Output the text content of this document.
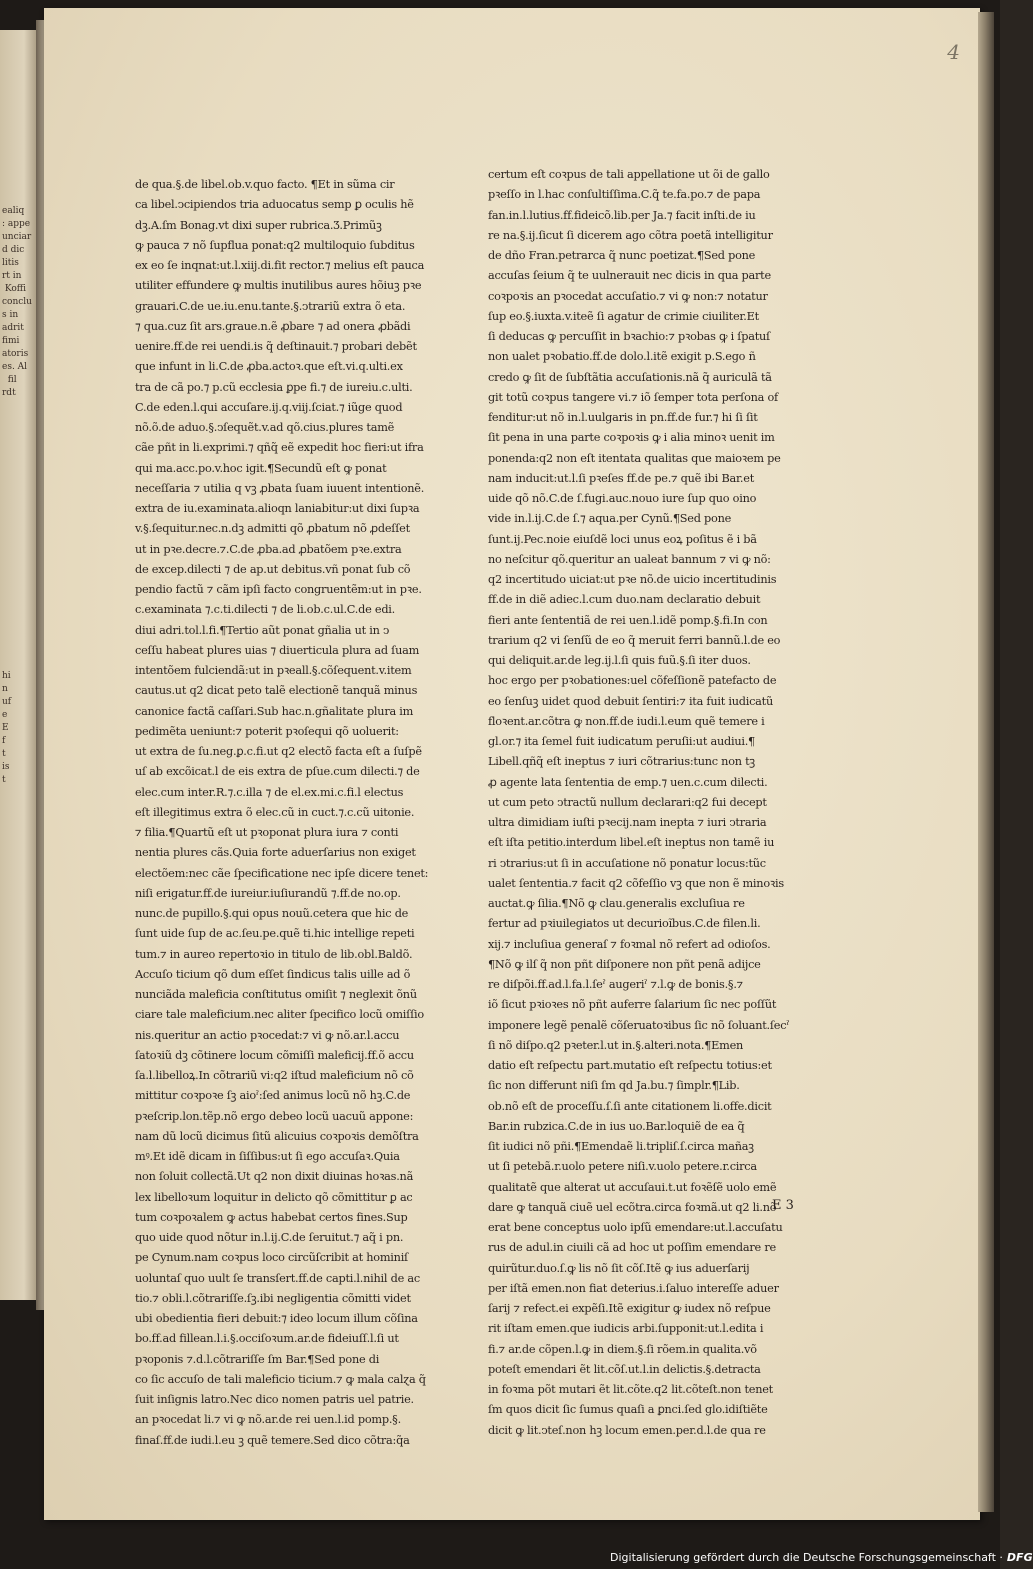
ealiq
: appe
unciar
d dic
litis
rt in
Koffi
conclu
s in
adrit
fimi
atoris
es. Al
fil
rdt
hi
n
uf
e
E
f
t
is
t
4
de qua.§.de libel.ob.v.quo facto. ¶Et in sũma cir
ca libel.ↄcipiendos tria aduocatus semp ꝑ oculis hẽ
dꝫ.A.ſm Bonag.vt dixi super rubrica.Ʒ.Primũꝫ
ꝙ pauca ⁊ nõ ſupflua ponat:q2 multiloquio ſubditus
ex eo ſe inqnat:ut.l.xiij.di.fit rector.⁊ melius eſt pauca
utiliter effundere ꝙ multis inutilibus aures hõiuꝫ pꝛe
grauari.C.de ue.iu.enu.tante.§.ↄtrariũ extra õ eta.
⁊ qua.cuz ſit ars.graue.n.ẽ ꝓbare ⁊ ad onera ꝓbãdi
uenire.ff.de rei uendi.is q̃ deſtinauit.⁊ probari debẽt
que infunt in li.C.de ꝓba.actoꝛ.que eſt.vi.q.ulti.ex
tra de cã po.⁊ p.cũ ecclesia ꝑpe fi.⁊ de iureiu.c.ulti.
C.de eden.l.qui accuſare.ij.q.viij.ſciat.⁊ iũge quod
nõ.õ.de aduo.§.ↄſequẽt.v.ad qõ.cius.plures tamẽ
cãe pñt in li.exprimi.⁊ qñq̃ eẽ expedit hoc fieri:ut ifra
qui ma.acc.po.v.hoc igit.¶Secundũ eſt ꝙ ponat
neceſſaria ⁊ utilia q vꝫ ꝓbata ſuam iuuent intentionẽ.
extra de iu.examinata.alioqn laniabitur:ut dixi ſupꝛa
v.§.ſequitur.nec.n.dꝫ admitti qõ ꝓbatum nõ ꝓdeſſet
ut in pꝛe.decre.⁊.C.de ꝓba.ad ꝓbatõem pꝛe.extra
de excep.dilecti ⁊ de ap.ut debitus.vñ ponat ſub cõ
pendio factũ ⁊ cãm ipſi facto congruentẽm:ut in pꝛe.
c.examinata ⁊.c.ti.dilecti ⁊ de li.ob.c.ul.C.de edi.
diui adri.tol.l.fi.¶Tertio aũt ponat gñalia ut in ↄ
ceſſu habeat plures uias ⁊ diuerticula plura ad ſuam
intentõem fulciendã:ut in pꝛeall.§.cõſequent.v.item
cautus.ut q2 dicat peto talẽ electionẽ tanquã minus
canonice factã caſſari.Sub hac.n.gñalitate plura im
pedimẽta ueniunt:⁊ poterit pꝛoſequi qõ uoluerit:
ut extra de ſu.neg.ꝑ.c.fi.ut q2 electõ facta eſt a ſuſpẽ
uſ ab excõicat.l de eis extra de pſue.cum dilecti.⁊ de
elec.cum inter.R.⁊.c.illa ⁊ de el.ex.mi.c.fi.l electus
eſt illegitimus extra õ elec.cũ in cuct.⁊.c.cũ uitonie.
⁊ filia.¶Quartũ eſt ut pꝛoponat plura iura ⁊ conti
nentia plures cãs.Quia forte aduerſarius non exiget
electõem:nec cãe ſpecificatione nec ipſe dicere tenet:
niſi erigatur.ff.de iureiur.iuſiurandũ ⁊.ff.de no.op.
nunc.de pupillo.§.qui opus nouũ.cetera que hic de
ſunt uide ſup de ac.ſeu.pe.quẽ ti.hic intellige repeti
tum.⁊ in aureo repertoꝛio in titulo de lib.obl.Baldõ.
Accuſo ticium qõ dum eſſet ſindicus talis uille ad õ
nunciãda maleficia conſtitutus omiſit ⁊ neglexit õnũ
ciare tale maleficium.nec aliter ſpecifico locũ omiſſio
nis.queritur an actio pꝛocedat:⁊ vi ꝙ nõ.ar.l.accu
ſatoꝛiũ dꝫ cõtinere locum cõmiſſi maleficij.ff.õ accu
ſa.l.libelloꝝ.In cõtrariũ vi:q2 iſtud maleficium nõ cõ
mittitur coꝛpoꝛe ſꝫ aioˀ:ſed animus locũ nõ hꝫ.C.de
pꝛeſcrip.lon.tẽp.nõ ergo debeo locũ uacuũ appone:
nam dũ locũ dicimus ſitũ alicuius coꝛpoꝛis demõſtra
mꝰ.Et idẽ dicam in ſiſſibus:ut ſi ego accuſaꝛ.Quia
non ſoluit collectã.Ut q2 non dixit diuinas hoꝛas.nã
lex libelloꝛum loquitur in delicto qõ cõmittitur ꝑ ac
tum coꝛpoꝛalem ꝙ actus habebat certos fines.Sup
quo uide quod nõtur in.l.ij.C.de ſeruitut.⁊ aq̃ i pn.
pe Cynum.nam coꝛpus loco circũſcribit at hominiſ
uoluntaſ quo uult ſe transſert.ff.de capti.l.nihil de ac
tio.⁊ obli.l.cõtrariſſe.ſꝫ.ibi negligentia cõmitti videt
ubi obedientia fieri debuit:⁊ ideo locum illum cõſina
bo.ff.ad fillean.l.i.§.occiſoꝛum.ar.de fideiuſſ.l.ſi ut
pꝛoponis ⁊.d.l.cõtrariſſe ſm Bar.¶Sed pone di
co ſic accuſo de tali maleficio ticium.⁊ ꝙ mala calɀa q̃
ſuit inſignis latro.Nec dico nomen patris uel patrie.
an pꝛocedat li.⁊ vi ꝙ nõ.ar.de rei uen.l.id pomp.§.
finaſ.ff.de iudi.l.eu ꝫ quẽ temere.Sed dico cõtra:q̃a
certum eſt coꝛpus de tali appellatione ut õi de gallo
pꝛeſſo in l.hac conſultiſſima.C.q̃ te.fa.po.⁊ de papa
fan.in.l.lutius.ff.fideicõ.lib.per Ja.⁊ facit inſti.de iu
re na.§.ij.ſicut ſi dicerem ago cõtra poetã intelligitur
de dño Fran.petrarca q̃ nunc poetizat.¶Sed pone
accuſas ſeium q̃ te uulnerauit nec dicis in qua parte
coꝛpoꝛis an pꝛocedat accuſatio.⁊ vi ꝙ non:⁊ notatur
ſup eo.§.iuxta.v.iteẽ ſi agatur de crimie ciuiliter.Et
ſi deducas ꝙ percuſſit in bꝛachio:⁊ pꝛobas ꝙ i ſpatuſ
non ualet pꝛobatio.ff.de dolo.l.itẽ exigit p.S.ego ñ
credo ꝙ ſit de ſubſtãtia accuſationis.nã q̃ auriculã tã
git totũ coꝛpus tangere vi.⁊ iõ ſemper tota perſona of
fenditur:ut nõ in.l.uulgaris in pn.ff.de fur.⁊ hi ſi ſit
ſit pena in una parte coꝛpoꝛis ꝙ i alia minoꝛ uenit im
ponenda:q2 non eſt itentata qualitas que maioꝛem pe
nam inducit:ut.l.ſi pꝛeſes ff.de pe.⁊ quẽ ibi Bar.et
uide qõ nõ.C.de ſ.fugi.auc.nouo iure ſup quo oino
vide in.l.ij.C.de ſ.⁊ aqua.per Cynũ.¶Sed pone
ſunt.ij.Pec.noie eiuſdẽ loci unus eoꝝ poſitus ẽ i bã
no neſcitur qõ.queritur an ualeat bannum ⁊ vi ꝙ nõ:
q2 incertitudo uiciat:ut pꝛe nõ.de uicio incertitudinis
ff.de in diẽ adiec.l.cum duo.nam declaratio debuit
fieri ante ſententiã de rei uen.l.idẽ pomp.§.fi.In con
trarium q2 vi ſenſũ de eo q̃ meruit ferri bannũ.l.de eo
qui deliquit.ar.de leg.ij.l.ſi quis fuũ.§.ſi iter duos.
hoc ergo per pꝛobationes:uel cõfeſſionẽ patefacto de
eo ſenſuꝫ uidet quod debuit ſentiri:⁊ ita fuit iudicatũ
floꝛent.ar.cõtra ꝙ non.ff.de iudi.l.eum quẽ temere i
gl.or.⁊ ita ſemel fuit iudicatum peruſii:ut audiui.¶
Libell.qñq̃ eſt ineptus ⁊ iuri cõtrarius:tunc non tꝫ
ꝓ agente lata ſententia de emp.⁊ uen.c.cum dilecti.
ut cum peto ↄtractũ nullum declarari:q2 fui decept
ultra dimidiam iuſti pꝛecij.nam inepta ⁊ iuri ↄtraria
eſt iſta petitio.interdum libel.eſt ineptus non tamẽ iu
ri ↄtrarius:ut ſi in accuſatione nõ ponatur locus:tũc
ualet ſententia.⁊ facit q2 cõfeſſio vꝫ que non ẽ minoꝛis
auctat.ꝙ ſilia.¶Nõ ꝙ clau.generalis excluſiua re
fertur ad pꝛiuilegiatos ut decurioĩbus.C.de filen.li.
xij.⁊ incluſiua generaſ ⁊ foꝛmal nõ refert ad odioſos.
¶Nõ ꝙ ilſ q̃ non pñt diſponere non pñt penã adijce
re diſpõi.ff.ad.l.fa.l.ſeˀ augeriˀ ⁊.l.ꝙ de bonis.§.⁊
iõ ſicut pꝛioꝛes nõ pñt auferre ſalarium ſic nec poſſũt
imponere legẽ penalẽ cõſeruatoꝛibus ſic nõ ſoluant.ſecˀ
ſi nõ diſpo.q2 pꝛeter.l.ut in.§.alteri.nota.¶Emen
datio eſt reſpectu part.mutatio eſt reſpectu totius:et
ſic non differunt niſi ſm qd Ja.bu.⁊ ſimplr.¶Lib.
ob.nõ eſt de proceſſu.ſ.ſi ante citationem li.offe.dicit
Bar.in rubzica.C.de in ius uo.Bar.loquiẽ de ea q̃
ſit iudici nõ pñi.¶Emendaẽ li.tripliſ.ſ.circa mañaꝫ
ut ſi petebã.r.uolo petere niſi.v.uolo petere.r.circa
qualitatẽ que alterat ut accuſaui.t.ut foꝛẽſẽ uolo emẽ
dare ꝙ tanquã ciuẽ uel ecõtra.circa foꝛmã.ut q2 li.nõ
erat bene conceptus uolo ipſũ emendare:ut.l.accuſatu
rus de adul.in ciuili cã ad hoc ut poſſim emendare re
quirũtur.duo.ſ.ꝙ lis nõ ſit cõſ.Itẽ ꝙ ius aduerſarij
per iſtã emen.non fiat deterius.i.ſaluo intereſſe aduer
ſarij ⁊ refect.ei expẽſi.Itẽ exigitur ꝙ iudex nõ reſpue
rit iſtam emen.que iudicis arbi.ſupponit:ut.l.edita i
fi.⁊ ar.de cõpen.l.ꝙ in diem.§.ſi rõem.in qualita.võ
poteſt emendari ẽt lit.cõſ.ut.l.in delictis.§.detracta
in foꝛma põt mutari ẽt lit.cõte.q2 lit.cõteſt.non tenet
ſm quos dicit ſic ſumus quaſi a ꝑnci.ſed glo.idiſtiẽte
dicit ꝙ lit.ↄteſ.non hꝫ locum emen.per.d.l.de qua re
E 3
Digitalisierung gefördert durch die Deutsche Forschungsgemeinschaft · DFG
